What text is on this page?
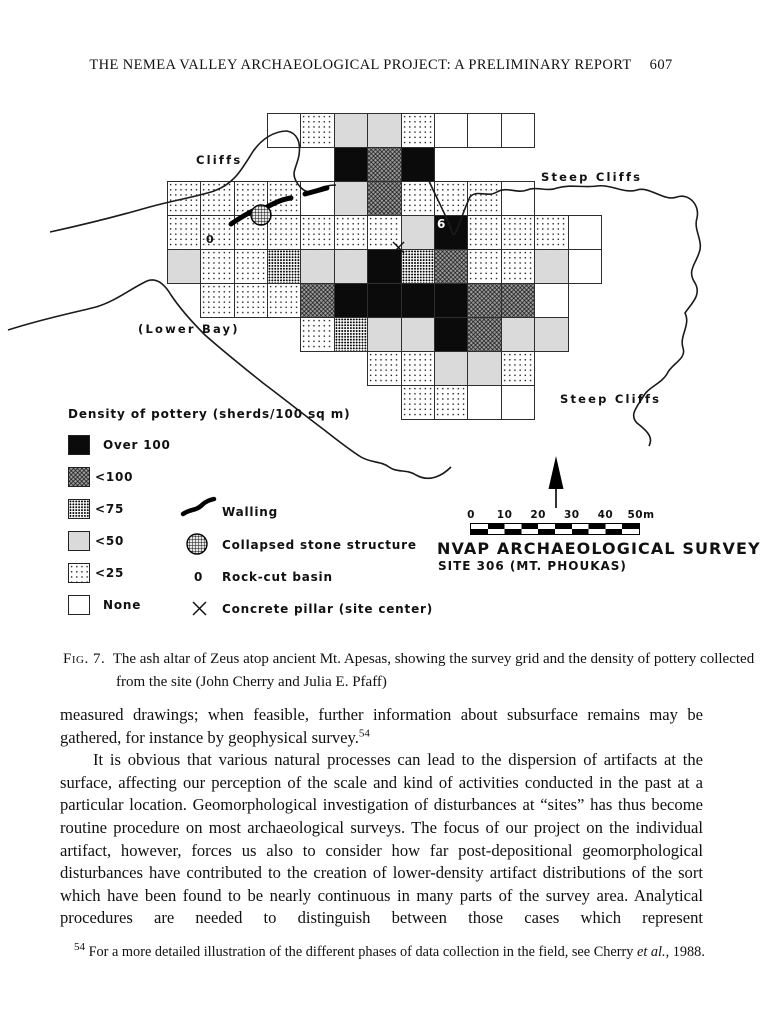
THE NEMEA VALLEY ARCHAEOLOGICAL PROJECT: A PRELIMINARY REPORT 607
0
6
Cliffs
Steep Cliffs
(Lower Bay)
Steep Cliffs
Density of pottery (sherds/100 sq m)
Over 100
<100
<75
<50
<25
None
Walling
Collapsed stone structure
0 Rock-cut basin
Concrete pillar (site center)
0 10 20 30 40 50m
NVAP ARCHAEOLOGICAL SURVEY
SITE 306 (MT. PHOUKAS)

Fig. 7. The ash altar of Zeus atop ancient Mt. Apesas, showing the survey grid and the density of pottery collected from the site (John Cherry and Julia E. Pfaff)

measured drawings; when feasible, further information about subsurface remains may be gathered, for instance by geophysical survey.$^{54}$

It is obvious that various natural processes can lead to the dispersion of artifacts at the surface, affecting our perception of the scale and kind of activities conducted in the past at a particular location. Geomorphological investigation of disturbances at “sites” has thus become routine procedure on most archaeological surveys. The focus of our project on the individual artifact, however, forces us also to consider how far post-depositional geomorphological disturbances have contributed to the creation of lower-density artifact distributions of the sort which have been found to be nearly continuous in many parts of the survey area. Analytical procedures are needed to distinguish between those cases which represent

$^{54}$ For a more detailed illustration of the different phases of data collection in the field, see Cherry et al., 1988.
